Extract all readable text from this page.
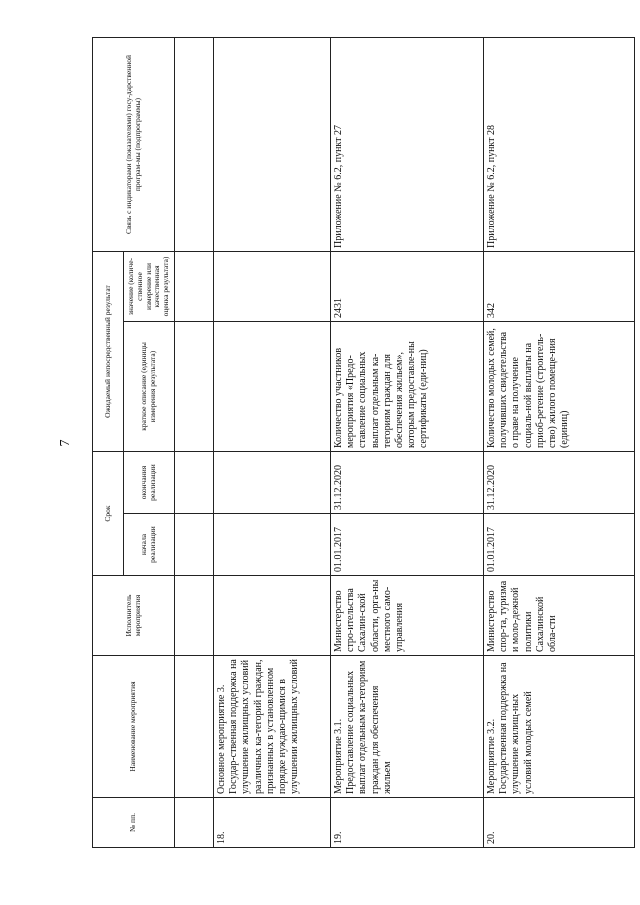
7
№ пп.	Наименование мероприятия	Исполнитель мероприятия	Срок		Ожидаемый непосредственный результат		Связь с индикаторами (показателями) госу-дарственной програм-мы (подпрограммы)
			начала реализации	окончания реализации	краткое описание (единицы измерения результата)	значение (количе-ственное измерение или качественная оценка результата)	

18.	Основное мероприятие 3. Государ-ственная поддержка на улучшение жилищных условий различных ка-тегорий граждан, признанных в установленном порядке нуждаю-щимися в улучшении жилищных условий						
19.	Мероприятие 3.1. Предоставление социальных выплат отдельным ка-тегориям граждан для обеспечения жильем	Министерство стро-ительства Сахалин-ской области, орга-ны местного само-управления	01.01.2017	31.12.2020	Количество участников мероприятия «Предо-ставление социальных выплат отдельным ка-тегориям граждан для обеспечения жильем», которым предоставле-ны сертификаты (еди-ниц)	2431	Приложение № 6.2, пункт 27
20.	Мероприятие 3.2. Государственная поддержка на улучшение жилищ-ных условий молодых семей	Министерство спор-та, туризма и моло-дежной политики Сахалинской обла-сти	01.01.2017	31.12.2020	Количество молодых семей, получивших свидетельства о праве на получение социаль-ной выплаты на приоб-ретение (строитель-ство) жилого помеще-ния (единиц)	342	Приложение № 6.2, пункт 28
